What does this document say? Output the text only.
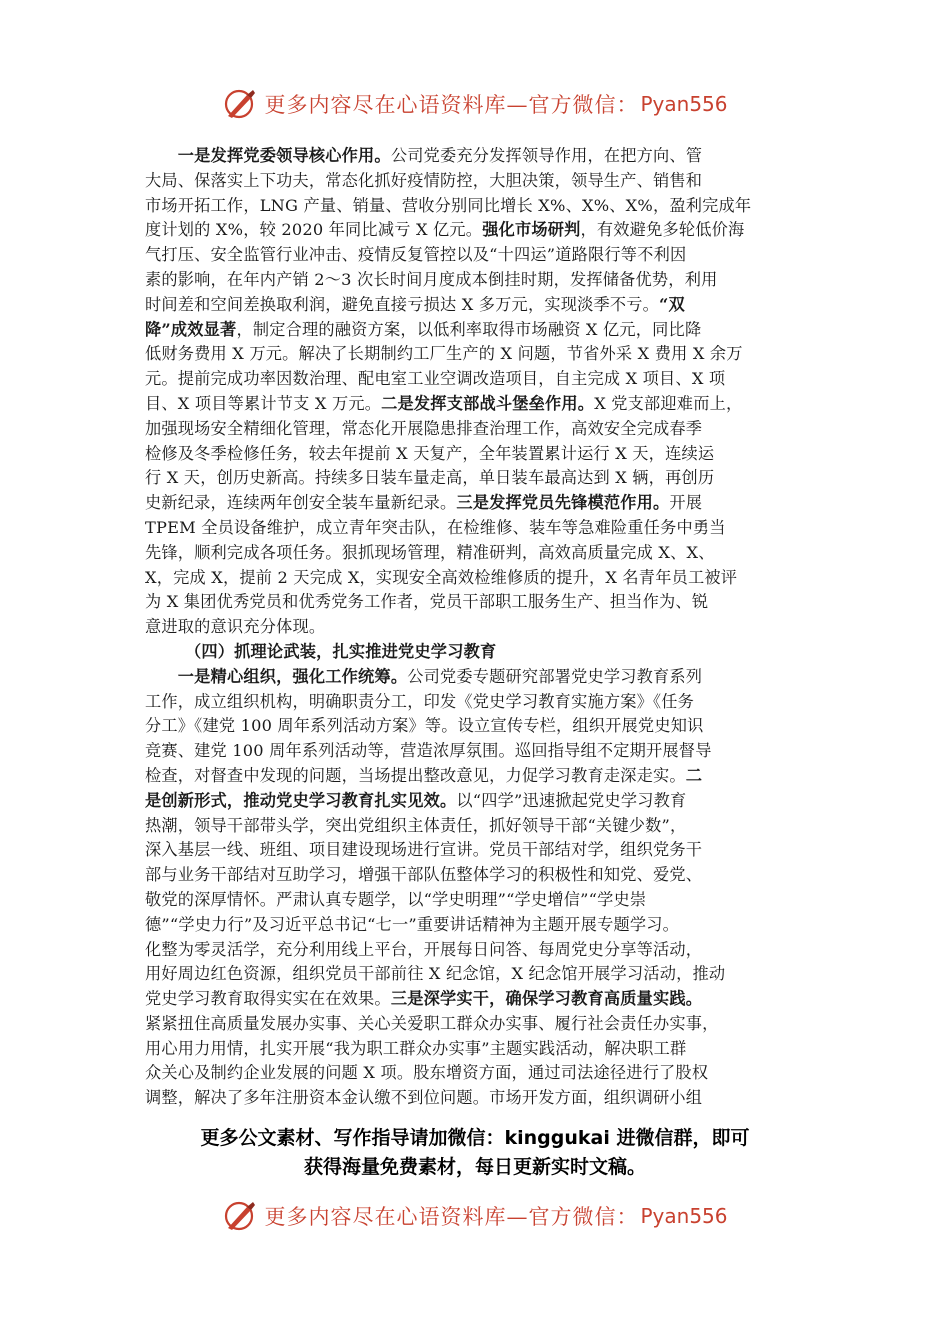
更多内容尽在心语资料库—官方微信： Pyan556
　　一是发挥党委领导核心作用。公司党委充分发挥领导作用，在把方向、管
大局、保落实上下功夫，常态化抓好疫情防控，大胆决策，领导生产、销售和
市场开拓工作，LNG 产量、销量、营收分别同比增长 X%、X%、X%，盈利完成年
度计划的 X%，较 2020 年同比减亏 X 亿元。强化市场研判，有效避免多轮低价海
气打压、安全监管行业冲击、疫情反复管控以及“十四运”道路限行等不利因
素的影响，在年内产销 2～3 次长时间月度成本倒挂时期，发挥储备优势，利用
时间差和空间差换取利润，避免直接亏损达 X 多万元，实现淡季不亏。“双
降”成效显著，制定合理的融资方案，以低利率取得市场融资 X 亿元，同比降
低财务费用 X 万元。解决了长期制约工厂生产的 X 问题，节省外采 X 费用 X 余万
元。提前完成功率因数治理、配电室工业空调改造项目，自主完成 X 项目、X 项
目、X 项目等累计节支 X 万元。二是发挥支部战斗堡垒作用。X 党支部迎难而上，
加强现场安全精细化管理，常态化开展隐患排查治理工作，高效安全完成春季
检修及冬季检修任务，较去年提前 X 天复产，全年装置累计运行 X 天，连续运
行 X 天，创历史新高。持续多日装车量走高，单日装车最高达到 X 辆，再创历
史新纪录，连续两年创安全装车量新纪录。三是发挥党员先锋模范作用。开展
TPEM 全员设备维护，成立青年突击队，在检维修、装车等急难险重任务中勇当
先锋，顺利完成各项任务。狠抓现场管理，精准研判，高效高质量完成 X、X、
X，完成 X，提前 2 天完成 X，实现安全高效检维修质的提升，X 名青年员工被评
为 X 集团优秀党员和优秀党务工作者，党员干部职工服务生产、担当作为、锐
意进取的意识充分体现。
（四）抓理论武装，扎实推进党史学习教育
　　一是精心组织，强化工作统筹。公司党委专题研究部署党史学习教育系列
工作，成立组织机构，明确职责分工，印发《党史学习教育实施方案》《任务
分工》《建党 100 周年系列活动方案》等。设立宣传专栏，组织开展党史知识
竞赛、建党 100 周年系列活动等，营造浓厚氛围。巡回指导组不定期开展督导
检查，对督查中发现的问题，当场提出整改意见，力促学习教育走深走实。二
是创新形式，推动党史学习教育扎实见效。以“四学”迅速掀起党史学习教育
热潮，领导干部带头学，突出党组织主体责任，抓好领导干部“关键少数”，
深入基层一线、班组、项目建设现场进行宣讲。党员干部结对学，组织党务干
部与业务干部结对互助学习，增强干部队伍整体学习的积极性和知党、爱党、
敬党的深厚情怀。严肃认真专题学，以“学史明理”“学史增信”“学史崇
德”“学史力行”及习近平总书记“七一”重要讲话精神为主题开展专题学习。
化整为零灵活学，充分利用线上平台，开展每日问答、每周党史分享等活动，
用好周边红色资源，组织党员干部前往 X 纪念馆，X 纪念馆开展学习活动，推动
党史学习教育取得实实在在效果。三是深学实干，确保学习教育高质量实践。
紧紧扭住高质量发展办实事、关心关爱职工群众办实事、履行社会责任办实事，
用心用力用情，扎实开展“我为职工群众办实事”主题实践活动，解决职工群
众关心及制约企业发展的问题 X 项。股东增资方面，通过司法途径进行了股权
调整，解决了多年注册资本金认缴不到位问题。市场开发方面，组织调研小组
更多公文素材、写作指导请加微信：kinggukai 进微信群，即可
获得海量免费素材，每日更新实时文稿。
更多内容尽在心语资料库—官方微信： Pyan556
